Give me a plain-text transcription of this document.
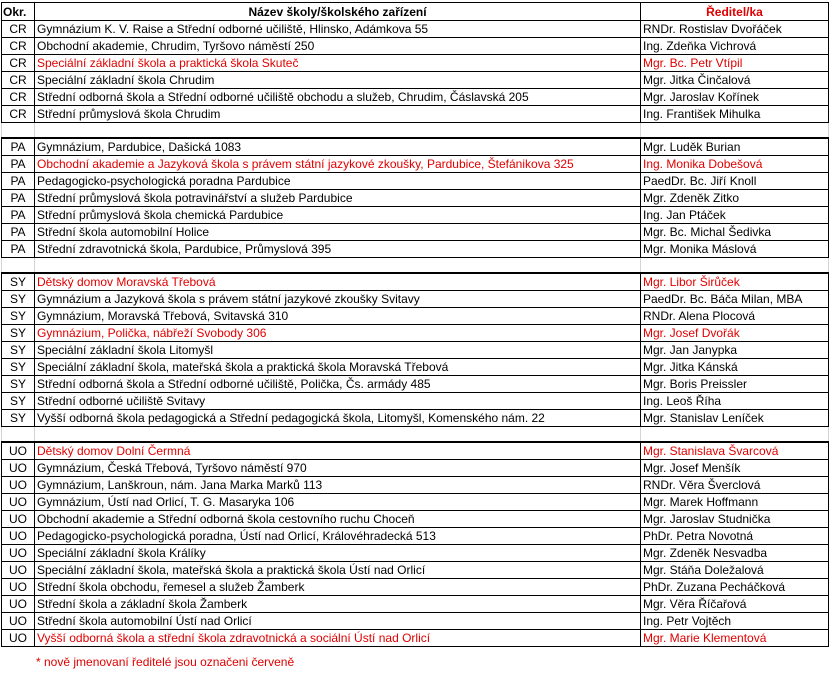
Okr.	Název školy/školského zařízení	Ředitel/ka
CR	Gymnázium K. V. Raise a Střední odborné učiliště, Hlinsko, Adámkova 55	RNDr. Rostislav Dvořáček
CR	Obchodní akademie, Chrudim, Tyršovo náměstí 250	Ing. Zdeňka Vichrová
CR	Speciální základní škola a praktická škola Skuteč	Mgr. Bc. Petr Vtípil
CR	Speciální základní škola Chrudim	Mgr. Jitka Činčalová
CR	Střední odborná škola a Střední odborné učiliště obchodu a služeb, Chrudim, Čáslavská 205	Mgr. Jaroslav Kořínek
CR	Střední průmyslová škola Chrudim	Ing. František Mihulka

PA	Gymnázium, Pardubice, Dašická 1083	Mgr. Luděk Burian
PA	Obchodní akademie a Jazyková škola s právem státní jazykové zkoušky, Pardubice, Štefánikova 325	Ing. Monika Dobešová
PA	Pedagogicko-psychologická poradna Pardubice	PaedDr. Bc. Jiří Knoll
PA	Střední průmyslová škola potravinářství a služeb Pardubice	Mgr. Zdeněk Zitko
PA	Střední průmyslová škola chemická Pardubice	Ing. Jan Ptáček
PA	Střední škola automobilní Holice	Mgr. Bc. Michal Šedivka
PA	Střední zdravotnická škola, Pardubice, Průmyslová 395	Mgr. Monika Máslová

SY	Dětský domov Moravská Třebová	Mgr. Libor Širůček
SY	Gymnázium a Jazyková škola s právem státní jazykové zkoušky Svitavy	PaedDr. Bc. Báča Milan, MBA
SY	Gymnázium, Moravská Třebová, Svitavská 310	RNDr. Alena Plocová
SY	Gymnázium, Polička, nábřeží Svobody 306	Mgr. Josef Dvořák
SY	Speciální základní škola Litomyšl	Mgr. Jan Janypka
SY	Speciální základní škola, mateřská škola a praktická škola Moravská Třebová	Mgr. Jitka Kánská
SY	Střední odborná škola a Střední odborné učiliště, Polička, Čs. armády 485	Mgr. Boris Preissler
SY	Střední odborné učiliště Svitavy	Ing. Leoš Říha
SY	Vyšší odborná škola pedagogická a Střední pedagogická škola, Litomyšl, Komenského nám. 22	Mgr. Stanislav Leníček

UO	Dětský domov Dolní Čermná	Mgr. Stanislava Švarcová
UO	Gymnázium, Česká Třebová, Tyršovo náměstí 970	Mgr. Josef Menšík
UO	Gymnázium, Lanškroun, nám. Jana Marka Marků 113	RNDr. Věra Šverclová
UO	Gymnázium, Ústí nad Orlicí, T. G. Masaryka 106	Mgr. Marek Hoffmann
UO	Obchodní akademie a Střední odborná škola cestovního ruchu Choceň	Mgr. Jaroslav Studnička
UO	Pedagogicko-psychologická poradna, Ústí nad Orlicí, Královéhradecká 513	PhDr. Petra Novotná
UO	Speciální základní škola Králíky	Mgr. Zdeněk Nesvadba
UO	Speciální základní škola, mateřská škola a praktická škola Ústí nad Orlicí	Mgr. Stáňa Doležalová
UO	Střední škola obchodu, řemesel a služeb Žamberk	PhDr. Zuzana Pecháčková
UO	Střední škola a základní škola Žamberk	Mgr. Věra Říčařová
UO	Střední škola automobilní Ústí nad Orlicí	Ing. Petr Vojtěch
UO	Vyšší odborná škola a střední škola zdravotnická a sociální Ústí nad Orlicí	Mgr. Marie Klementová
* nově jmenovaní ředitelé jsou označeni červeně
